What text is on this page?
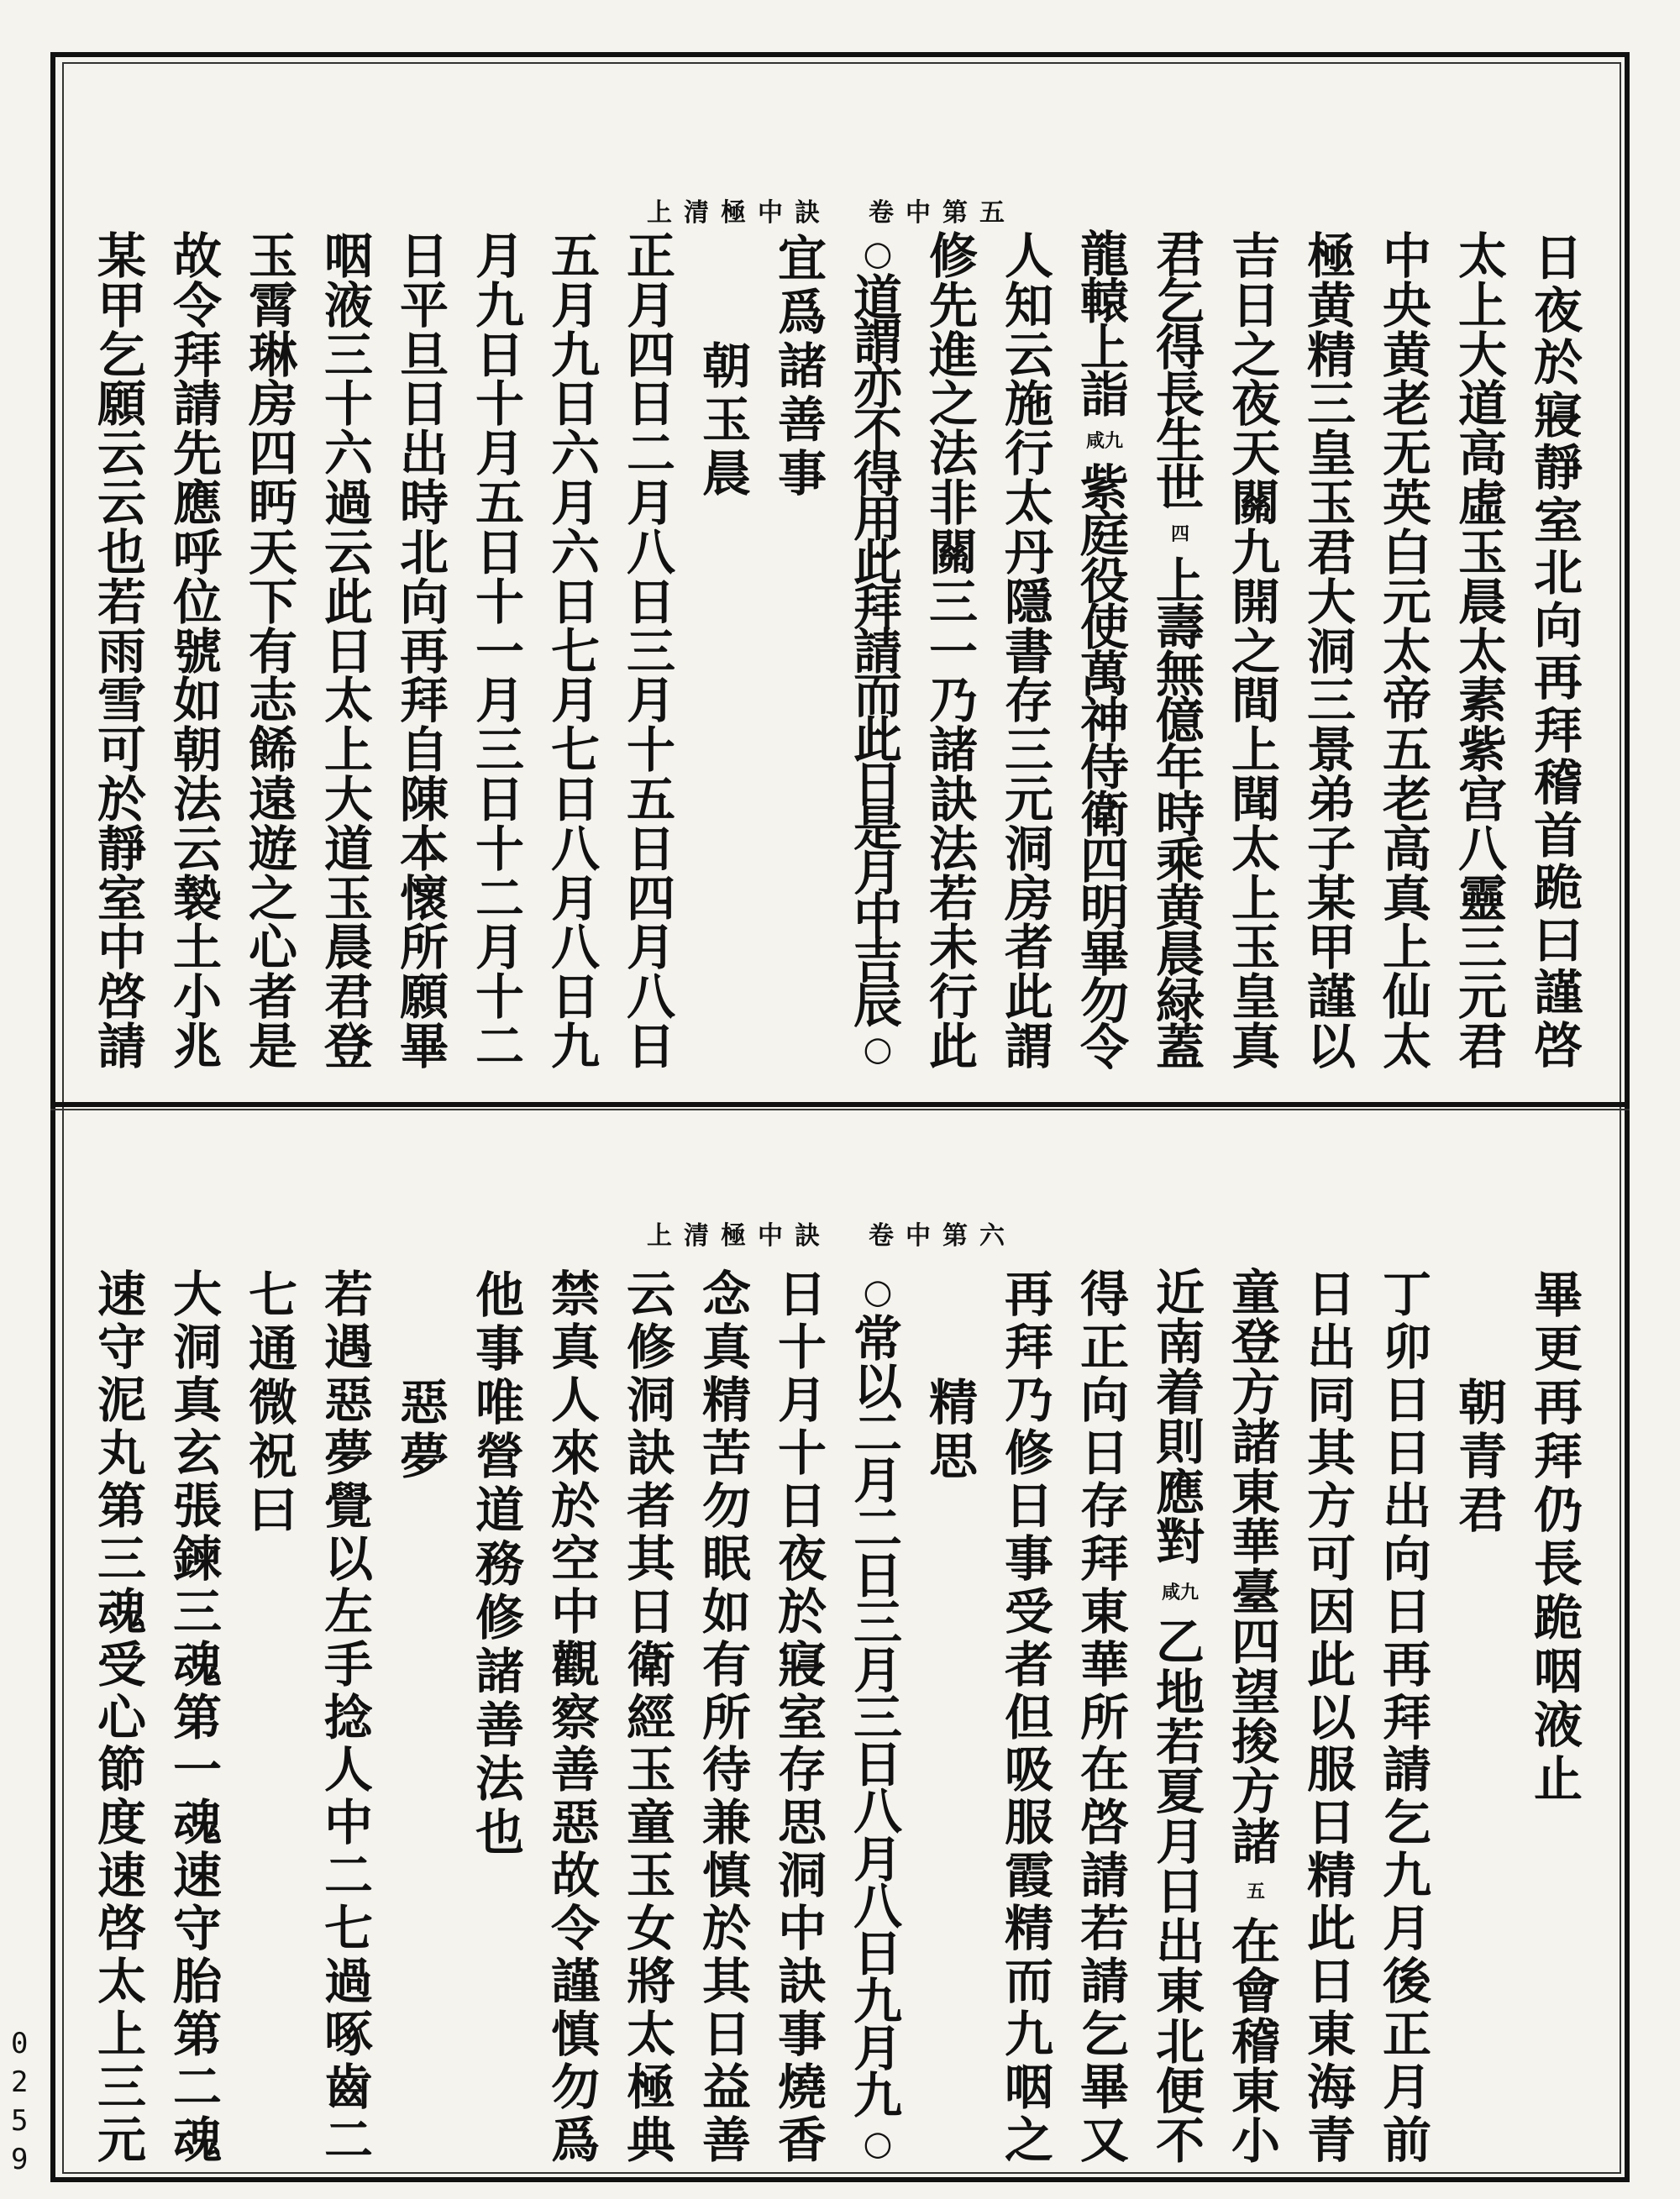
上清極中訣　卷中第五
日
夜
於
寢
靜
室
北
向
再
拜
稽
首
跪
曰
謹
啓
太
上
大
道
高
虛
玉
晨
太
素
紫
宫
八
靈
三
元
君
中
央
黄
老
无
英
白
元
太
帝
五
老
高
真
上
仙
太
極
黄
精
三
皇
玉
君
大
洞
三
景
弟
子
某
甲
謹
以
吉
日
之
夜
天
關
九
開
之
間
上
聞
太
上
玉
皇
真
君
乞
得
長
生
世
四
上
壽
無
億
年
時
乘
黄
晨
緑
蓋
龍
轅
上
詣
咸九
紫
庭
役
使
萬
神
侍
衛
四
明
畢
勿
令
人
知
云
施
行
太
丹
隱
書
存
三
元
洞
房
者
此
謂
修
先
進
之
法
非
關
三
一
乃
諸
訣
法
若
未
行
此
○
道
謂
亦
不
得
用
此
拜
請
而
此
日
是
月
中
吉
辰
○
宜
爲
諸
善
事
朝
玉
晨
正
月
四
日
二
月
八
日
三
月
十
五
日
四
月
八
日
五
月
九
日
六
月
六
日
七
月
七
日
八
月
八
日
九
月
九
日
十
月
五
日
十
一
月
三
日
十
二
月
十
二
日
平
旦
日
出
時
北
向
再
拜
自
陳
本
懷
所
願
畢
咽
液
三
十
六
過
云
此
日
太
上
大
道
玉
晨
君
登
玉
霄
琳
房
四
眄
天
下
有
志
餙
遠
遊
之
心
者
是
故
令
拜
請
先
應
呼
位
號
如
朝
法
云
褺
土
小
兆
某
甲
乞
願
云
云
也
若
雨
雪
可
於
靜
室
中
啓
請
上清極中訣　卷中第六
畢
更
再
拜
仍
長
跪
咽
液
止
朝
青
君
丁
卯
日
日
出
向
日
再
拜
請
乞
九
月
後
正
月
前
日
出
同
其
方
可
因
此
以
服
日
精
此
日
東
海
青
童
登
方
諸
東
華
臺
四
望
捘
方
諸
五
在
會
稽
東
小
近
南
着
則
應
對
咸九
乙
地
若
夏
月
日
出
東
北
便
不
得
正
向
日
存
拜
東
華
所
在
啓
請
若
請
乞
畢
又
再
拜
乃
修
日
事
受
者
但
吸
服
霞
精
而
九
咽
之
精
思
○
常
以
二
月
二
日
三
月
三
日
八
月
八
日
九
月
九
○
日
十
月
十
日
夜
於
寢
室
存
思
洞
中
訣
事
燒
香
念
真
精
苦
勿
眠
如
有
所
待
兼
慎
於
其
日
益
善
云
修
洞
訣
者
其
日
衛
經
玉
童
玉
女
將
太
極
典
禁
真
人
來
於
空
中
觀
察
善
惡
故
令
謹
慎
勿
爲
他
事
唯
營
道
務
修
諸
善
法
也
惡
夢
若
遇
惡
夢
覺
以
左
手
捻
人
中
二
七
過
啄
齒
二
七
通
微
祝
曰
大
洞
真
玄
張
鍊
三
魂
第
一
魂
速
守
胎
第
二
魂
速
守
泥
丸
第
三
魂
受
心
節
度
速
啓
太
上
三
元
0259
